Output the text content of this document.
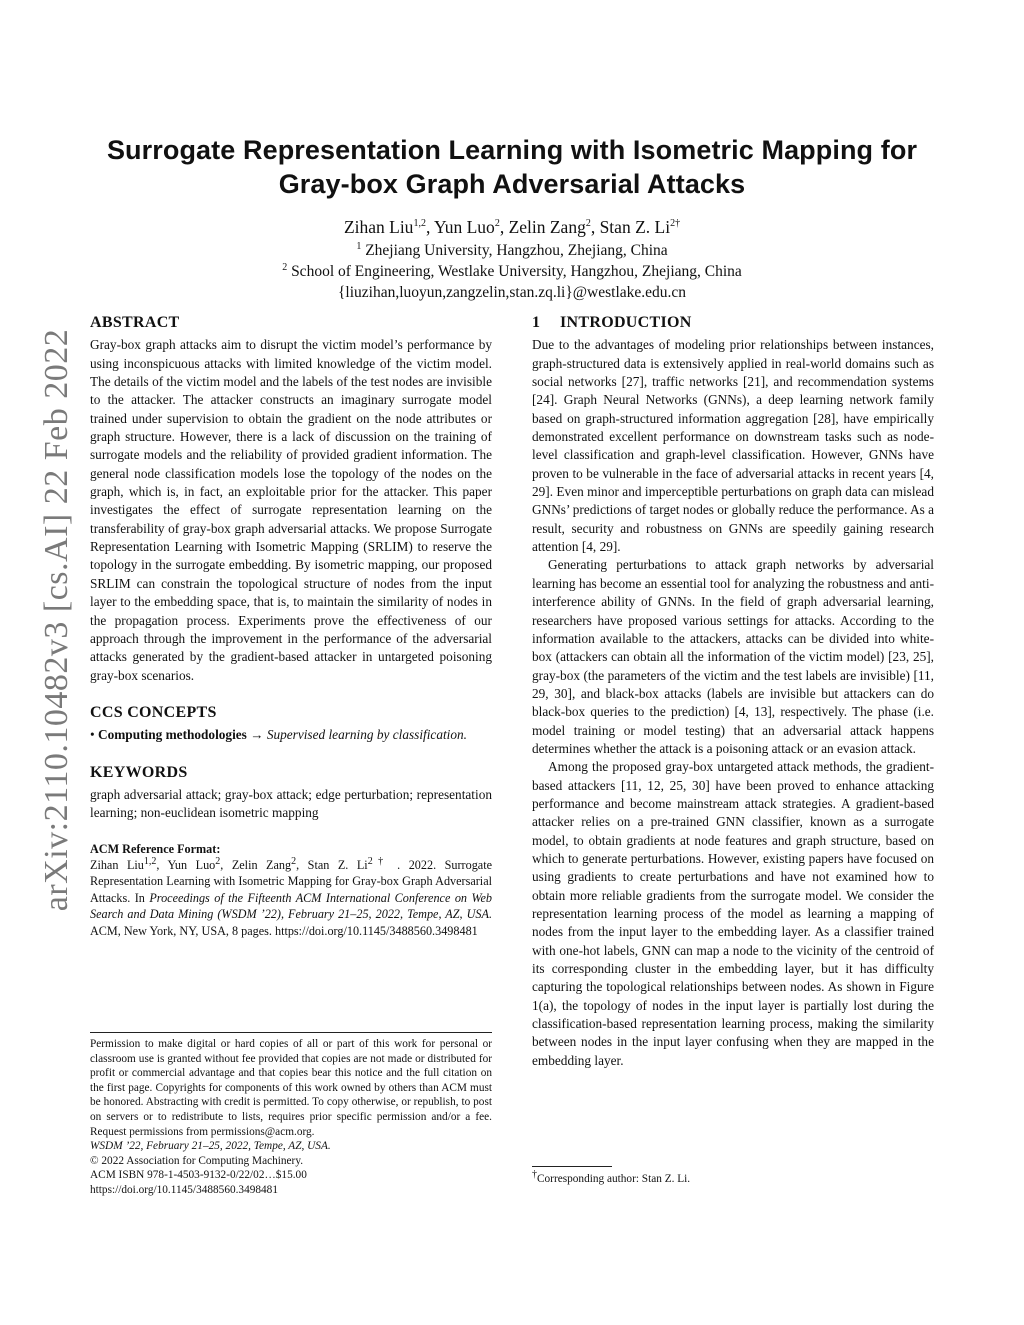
Surrogate Representation Learning with Isometric Mapping for
Gray-box Graph Adversarial Attacks
Zihan Liu$^{1,2}$, Yun Luo$^2$, Zelin Zang$^2$, Stan Z. $Li^{2\dagger}$
$^1$ Zhejiang University, Hangzhou, Zhejiang, China
$^2$ School of Engineering, Westlake University, Hangzhou, Zhejiang, China
{liuzihan,luoyun,zangzelin,stan.zq.li}@westlake.edu.cn
arXiv:2110.10482v3 [cs.AI] 22 Feb 2022
ABSTRACT

Gray-box graph attacks aim to disrupt the victim model’s performance by using inconspicuous attacks with limited knowledge of the victim model. The details of the victim model and the labels of the test nodes are invisible to the attacker. The attacker constructs an imaginary surrogate model trained under supervision to obtain the gradient on the node attributes or graph structure. However, there is a lack of discussion on the training of surrogate models and the reliability of provided gradient information. The general node classification models lose the topology of the nodes on the graph, which is, in fact, an exploitable prior for the attacker. This paper investigates the effect of surrogate representation learning on the transferability of gray-box graph adversarial attacks. We propose Surrogate Representation Learning with Isometric Mapping (SRLIM) to reserve the topology in the surrogate embedding. By isometric mapping, our proposed SRLIM can constrain the topological structure of nodes from the input layer to the embedding space, that is, to maintain the similarity of nodes in the propagation process. Experiments prove the effectiveness of our approach through the improvement in the performance of the adversarial attacks generated by the gradient-based attacker in untargeted poisoning gray-box scenarios.

CCS CONCEPTS

• Computing methodologies → Supervised learning by classification.

KEYWORDS

graph adversarial attack; gray-box attack; edge perturbation; representation learning; non-euclidean isometric mapping

ACM Reference Format:
Zihan Liu$^{1,2}$, Yun Luo$^2$, Zelin Zang$^2$, Stan Z. $Li^{2\dagger}$ . 2022. Surrogate Representation Learning with Isometric Mapping for Gray-box Graph Adversarial Attacks. In Proceedings of the Fifteenth ACM International Conference on Web Search and Data Mining (WSDM ’22), February 21–25, 2022, Tempe, AZ, USA. ACM, New York, NY, USA, 8 pages. https://doi.org/10.1145/3488560.3498481

Permission to make digital or hard copies of all or part of this work for personal or classroom use is granted without fee provided that copies are not made or distributed for profit or commercial advantage and that copies bear this notice and the full citation on the first page. Copyrights for components of this work owned by others than ACM must be honored. Abstracting with credit is permitted. To copy otherwise, or republish, to post on servers or to redistribute to lists, requires prior specific permission and/or a fee. Request permissions from permissions@acm.org.

WSDM ’22, February 21–25, 2022, Tempe, AZ, USA.

© 2022 Association for Computing Machinery.

ACM ISBN 978-1-4503-9132-0/22/02…$15.00

https://doi.org/10.1145/3488560.3498481

1 INTRODUCTION

Due to the advantages of modeling prior relationships between instances, graph-structured data is extensively applied in real-world domains such as social networks [27], traffic networks [21], and recommendation systems [24]. Graph Neural Networks (GNNs), a deep learning network family based on graph-structured information aggregation [28], have empirically demonstrated excellent performance on downstream tasks such as node-level classification and graph-level classification. However, GNNs have proven to be vulnerable in the face of adversarial attacks in recent years [4, 29]. Even minor and imperceptible perturbations on graph data can mislead GNNs’ predictions of target nodes or globally reduce the performance. As a result, security and robustness on GNNs are speedily gaining research attention [4, 29].

Generating perturbations to attack graph networks by adversarial learning has become an essential tool for analyzing the robustness and anti-interference ability of GNNs. In the field of graph adversarial learning, researchers have proposed various settings for attacks. According to the information available to the attackers, attacks can be divided into white-box (attackers can obtain all the information of the victim model) [23, 25], gray-box (the parameters of the victim and the test labels are invisible) [11, 29, 30], and black-box attacks (labels are invisible but attackers can do black-box queries to the prediction) [4, 13], respectively. The phase (i.e. model training or model testing) that an adversarial attack happens determines whether the attack is a poisoning attack or an evasion attack.

Among the proposed gray-box untargeted attack methods, the gradient-based attackers [11, 12, 25, 30] have been proved to enhance attacking performance and become mainstream attack strategies. A gradient-based attacker relies on a pre-trained GNN classifier, known as a surrogate model, to obtain gradients at node features and graph structure, based on which to generate perturbations. However, existing papers have focused on using gradients to create perturbations and have not examined how to obtain more reliable gradients from the surrogate model. We consider the representation learning process of the model as learning a mapping of nodes from the input layer to the embedding layer. As a classifier trained with one-hot labels, GNN can map a node to the vicinity of the centroid of its corresponding cluster in the embedding layer, but it has difficulty capturing the topological relationships between nodes. As shown in Figure 1(a), the topology of nodes in the input layer is partially lost during the classification-based representation learning process, making the similarity between nodes in the input layer confusing when they are mapped in the embedding layer.

†Corresponding author: Stan Z. Li.
